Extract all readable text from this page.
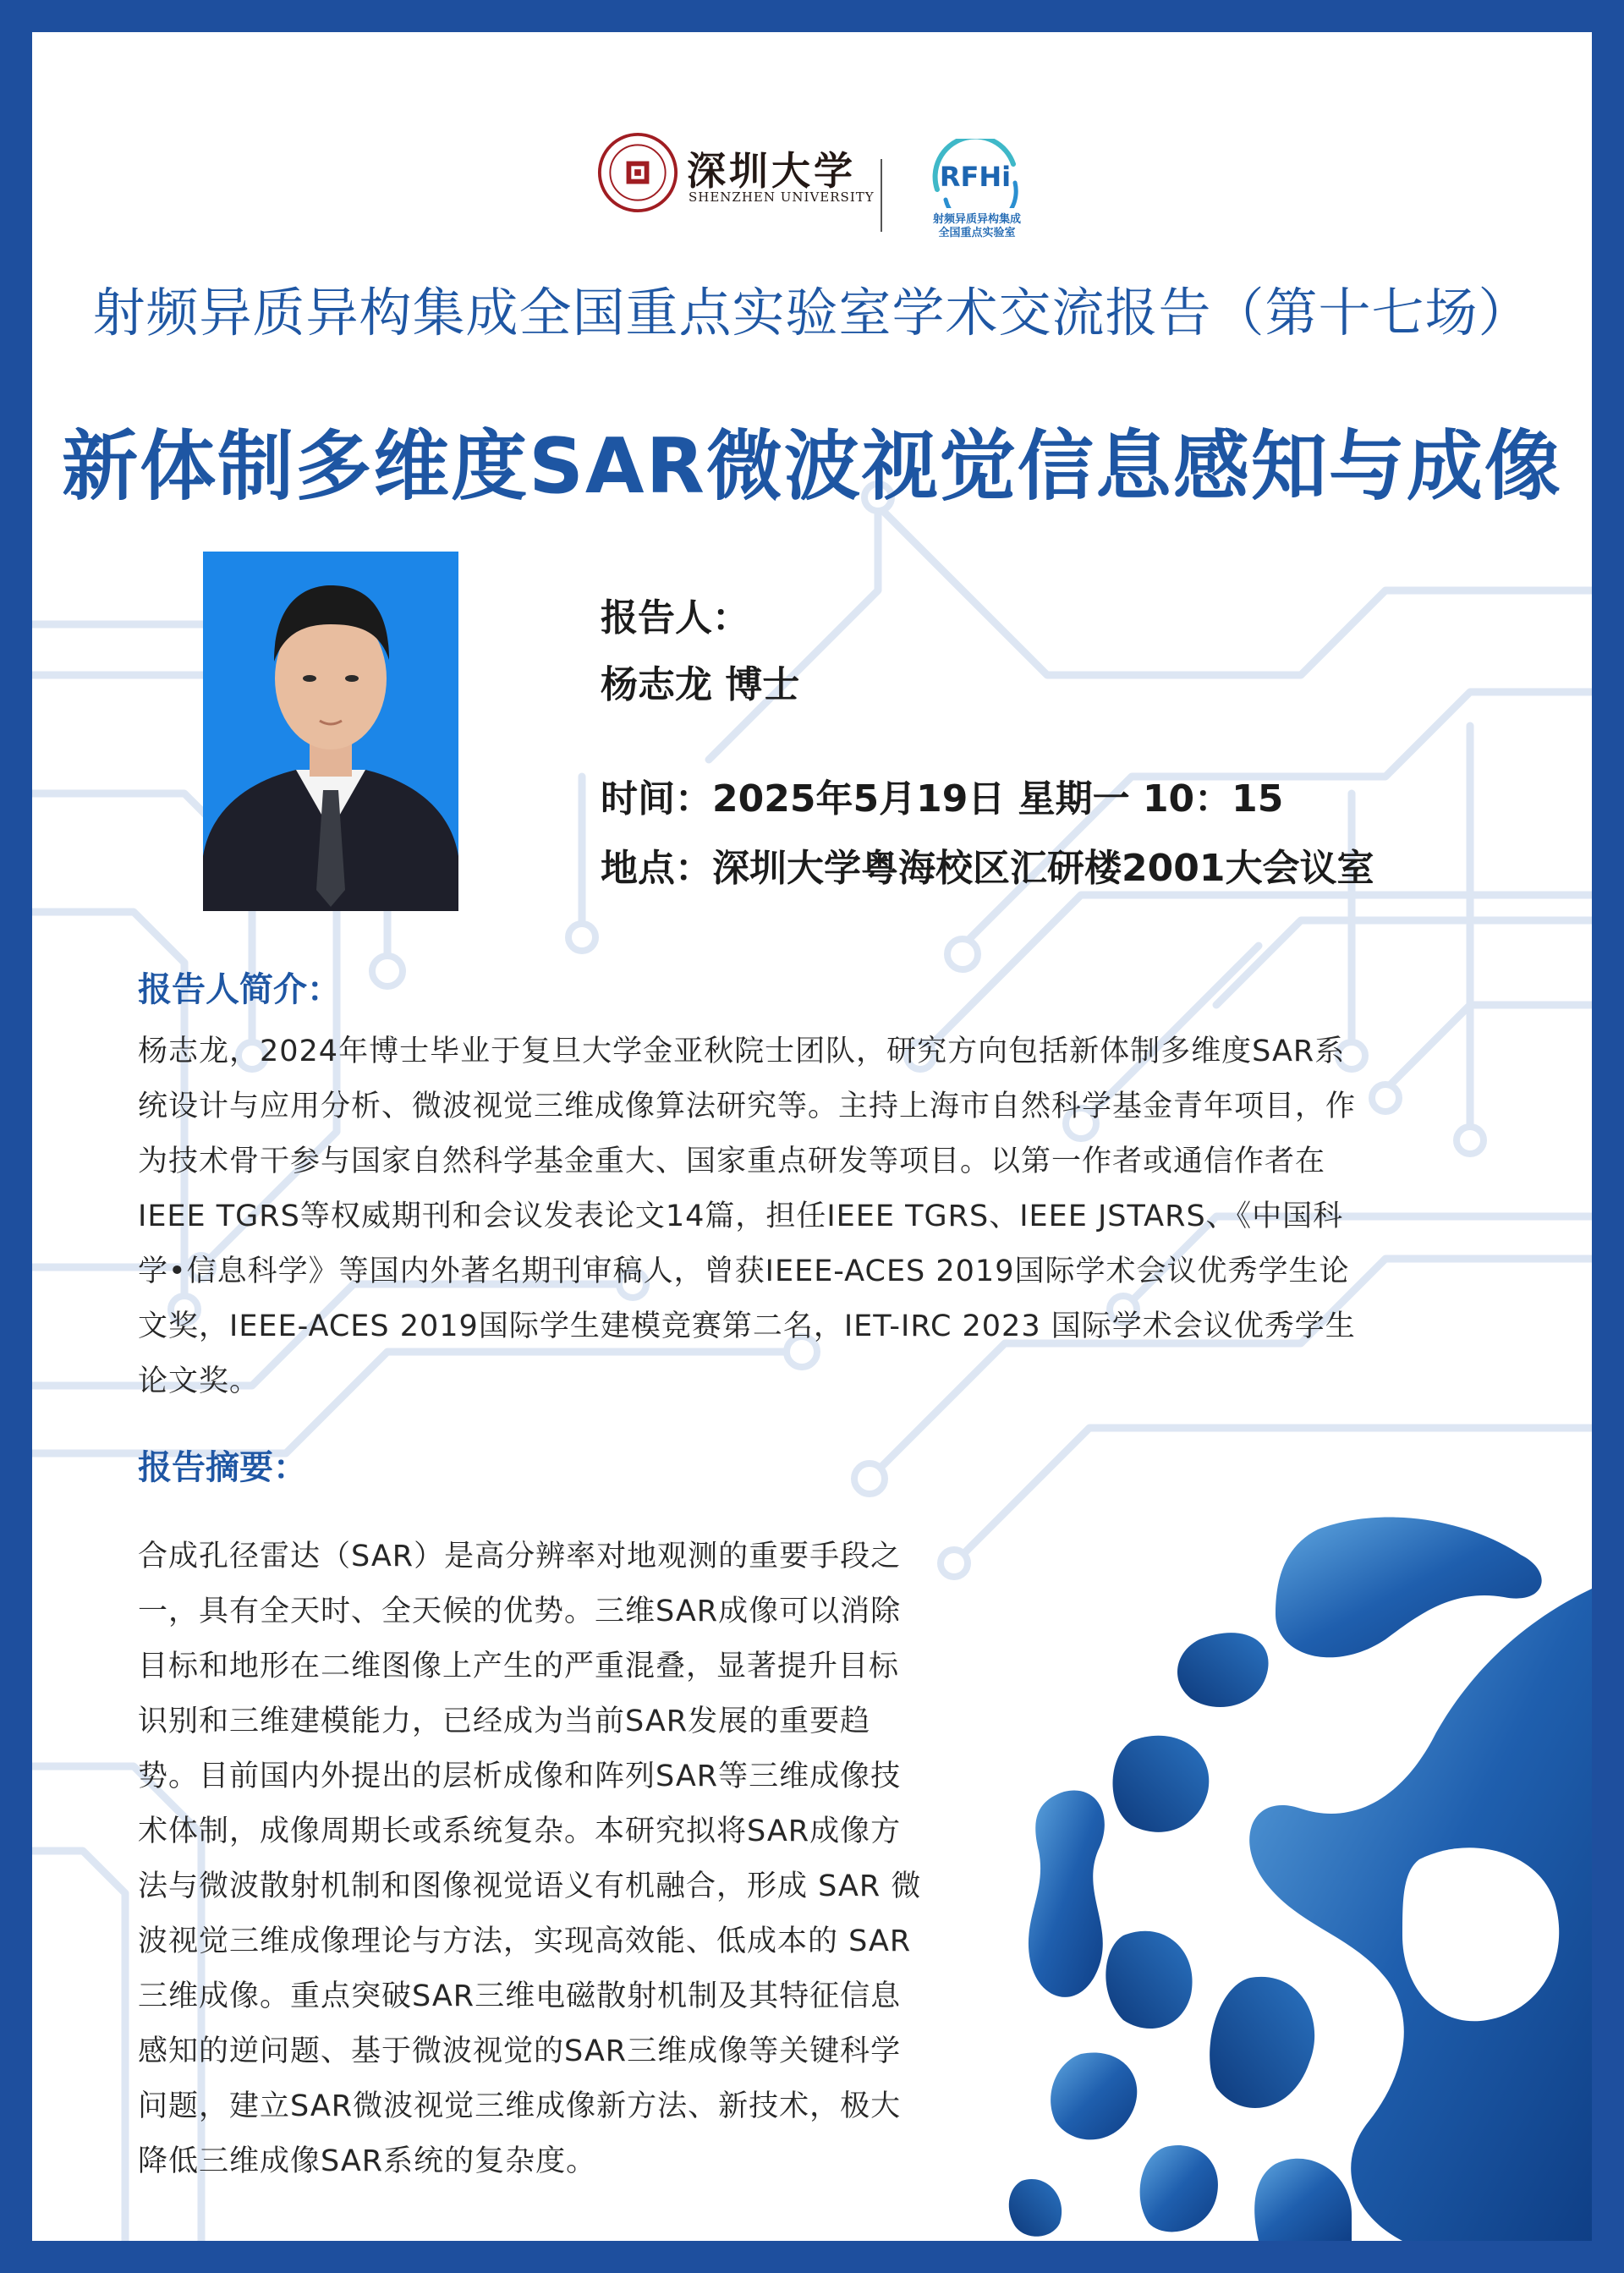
深圳大学
SHENZHEN UNIVERSITY
RFHi
射频异质异构集成
全国重点实验室
射频异质异构集成全国重点实验室学术交流报告（第十七场）
新体制多维度SAR微波视觉信息感知与成像
报告人：
杨志龙 博士
时间：2025年5月19日 星期一 10：15
地点：深圳大学粤海校区汇研楼2001大会议室
报告人简介：
杨志龙，2024年博士毕业于复旦大学金亚秋院士团队，研究方向包括新体制多维度SAR系
统设计与应用分析、微波视觉三维成像算法研究等。主持上海市自然科学基金青年项目，作
为技术骨干参与国家自然科学基金重大、国家重点研发等项目。以第一作者或通信作者在
IEEE TGRS等权威期刊和会议发表论文14篇，担任IEEE TGRS、IEEE JSTARS、《中国科
学•信息科学》等国内外著名期刊审稿人，曾获IEEE-ACES 2019国际学术会议优秀学生论
文奖，IEEE-ACES 2019国际学生建模竞赛第二名，IET-IRC 2023 国际学术会议优秀学生
论文奖。
报告摘要：
合成孔径雷达（SAR）是高分辨率对地观测的重要手段之
一，具有全天时、全天候的优势。三维SAR成像可以消除
目标和地形在二维图像上产生的严重混叠，显著提升目标
识别和三维建模能力，已经成为当前SAR发展的重要趋
势。目前国内外提出的层析成像和阵列SAR等三维成像技
术体制，成像周期长或系统复杂。本研究拟将SAR成像方
法与微波散射机制和图像视觉语义有机融合，形成 SAR 微
波视觉三维成像理论与方法，实现高效能、低成本的 SAR
三维成像。重点突破SAR三维电磁散射机制及其特征信息
感知的逆问题、基于微波视觉的SAR三维成像等关键科学
问题，建立SAR微波视觉三维成像新方法、新技术，极大
降低三维成像SAR系统的复杂度。
